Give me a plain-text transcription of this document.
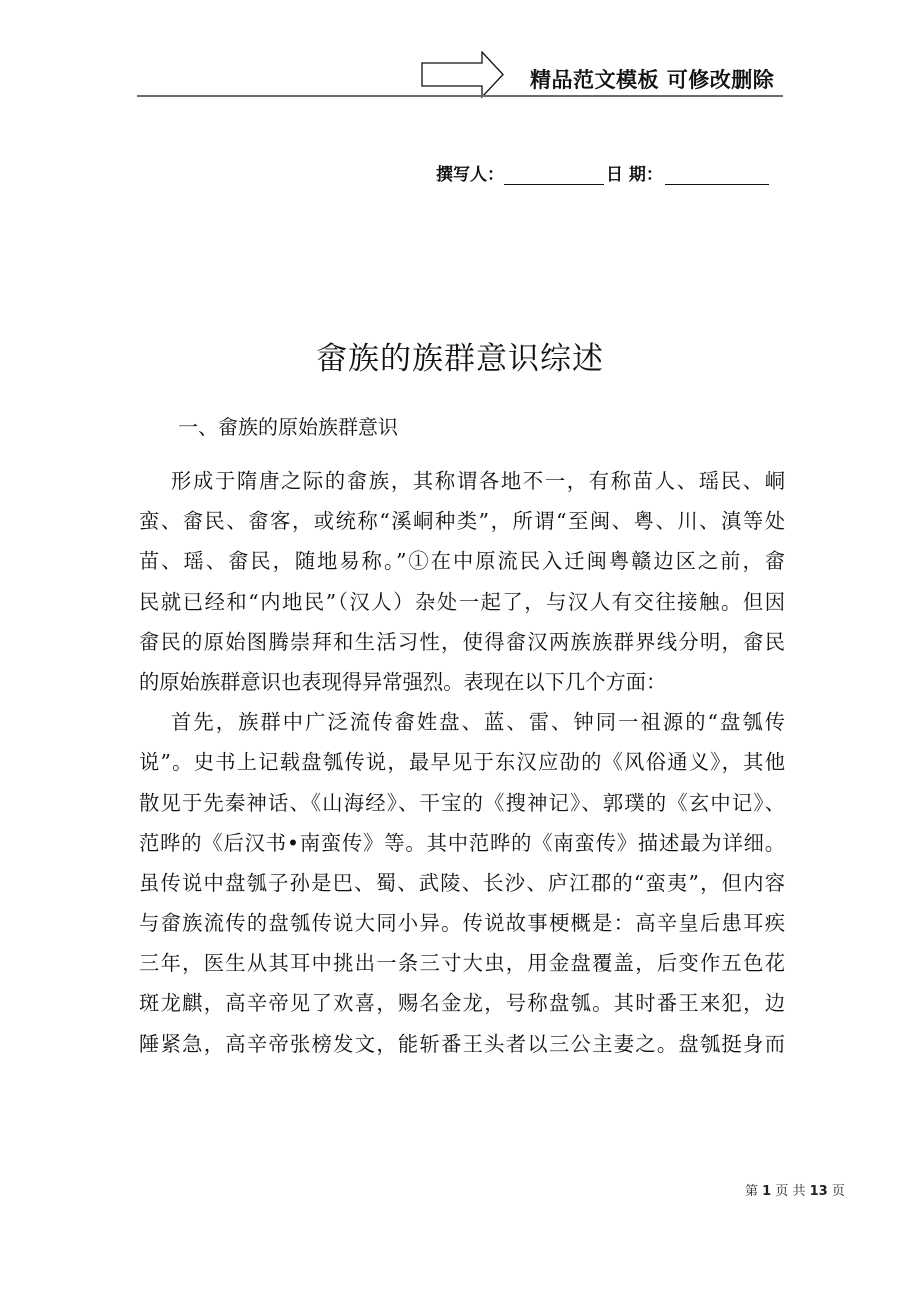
精品范文模板 可修改删除
撰写人：	日 期：
畲族的族群意识综述
一、畲族的原始族群意识

形成于隋唐之际的畲族，其称谓各地不一，有称苗人、瑶民、峒
蛮、畲民、畲客，或统称“溪峒种类”，所谓“至闽、粤、川、滇等处
苗、瑶、畲民，随地易称。”①在中原流民入迁闽粤赣边区之前，畲
民就已经和“内地民”（汉人）杂处一起了，与汉人有交往接触。但因
畲民的原始图腾崇拜和生活习性，使得畲汉两族族群界线分明，畲民
的原始族群意识也表现得异常强烈。表现在以下几个方面：

首先，族群中广泛流传畲姓盘、蓝、雷、钟同一祖源的“盘瓠传
说”。史书上记载盘瓠传说，最早见于东汉应劭的《风俗通义》，其他
散见于先秦神话、《山海经》、干宝的《搜神记》、郭璞的《玄中记》、
范晔的《后汉书•南蛮传》等。其中范晔的《南蛮传》描述最为详细。
虽传说中盘瓠子孙是巴、蜀、武陵、长沙、庐江郡的“蛮夷”，但内容
与畲族流传的盘瓠传说大同小异。传说故事梗概是：高辛皇后患耳疾
三年，医生从其耳中挑出一条三寸大虫，用金盘覆盖，后变作五色花
斑龙麒，高辛帝见了欢喜，赐名金龙，号称盘瓠。其时番王来犯，边
陲紧急，高辛帝张榜发文，能斩番王头者以三公主妻之。盘瓠挺身而

第 1 页 共 13 页
